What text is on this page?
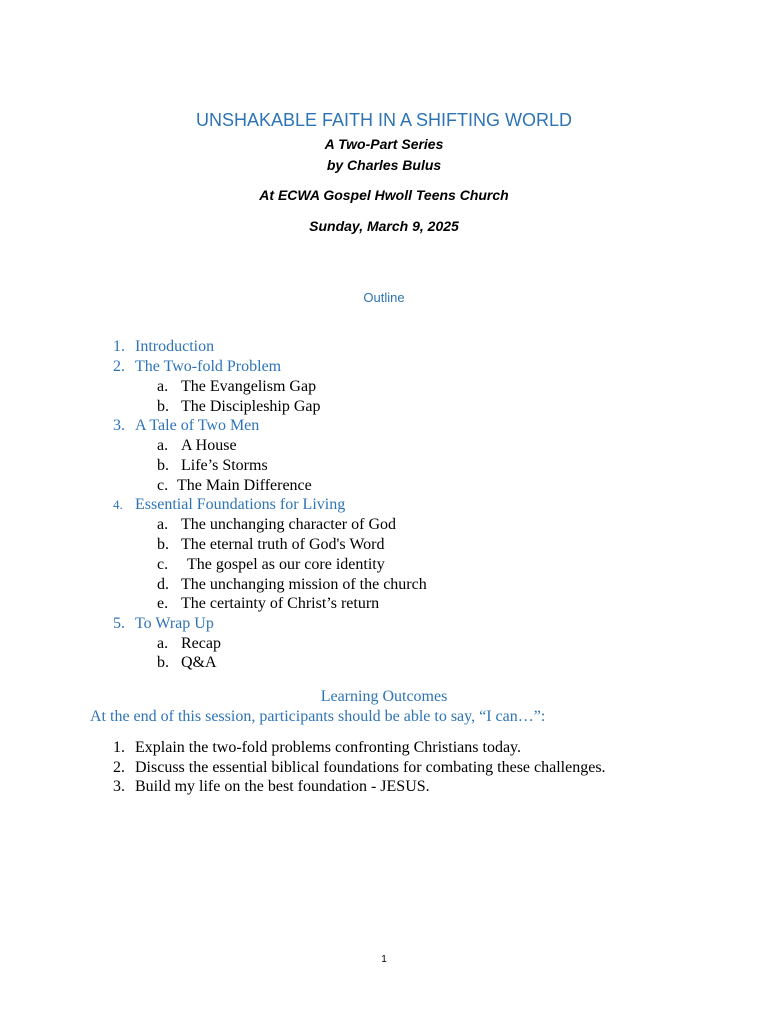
UNSHAKABLE FAITH IN A SHIFTING WORLD
A Two-Part Series
by Charles Bulus
At ECWA Gospel Hwoll Teens Church
Sunday, March 9, 2025
Outline
1. Introduction
2. The Two-fold Problem
a. The Evangelism Gap
b. The Discipleship Gap
3. A Tale of Two Men
a. A House
b. Life’s Storms
c. The Main Difference
4. Essential Foundations for Living
a. The unchanging character of God
b. The eternal truth of God's Word
c. The gospel as our core identity
d. The unchanging mission of the church
e. The certainty of Christ’s return
5. To Wrap Up
a. Recap
b. Q&A
Learning Outcomes
At the end of this session, participants should be able to say, “I can…”:
1. Explain the two-fold problems confronting Christians today.
2. Discuss the essential biblical foundations for combating these challenges.
3. Build my life on the best foundation - JESUS.
1
